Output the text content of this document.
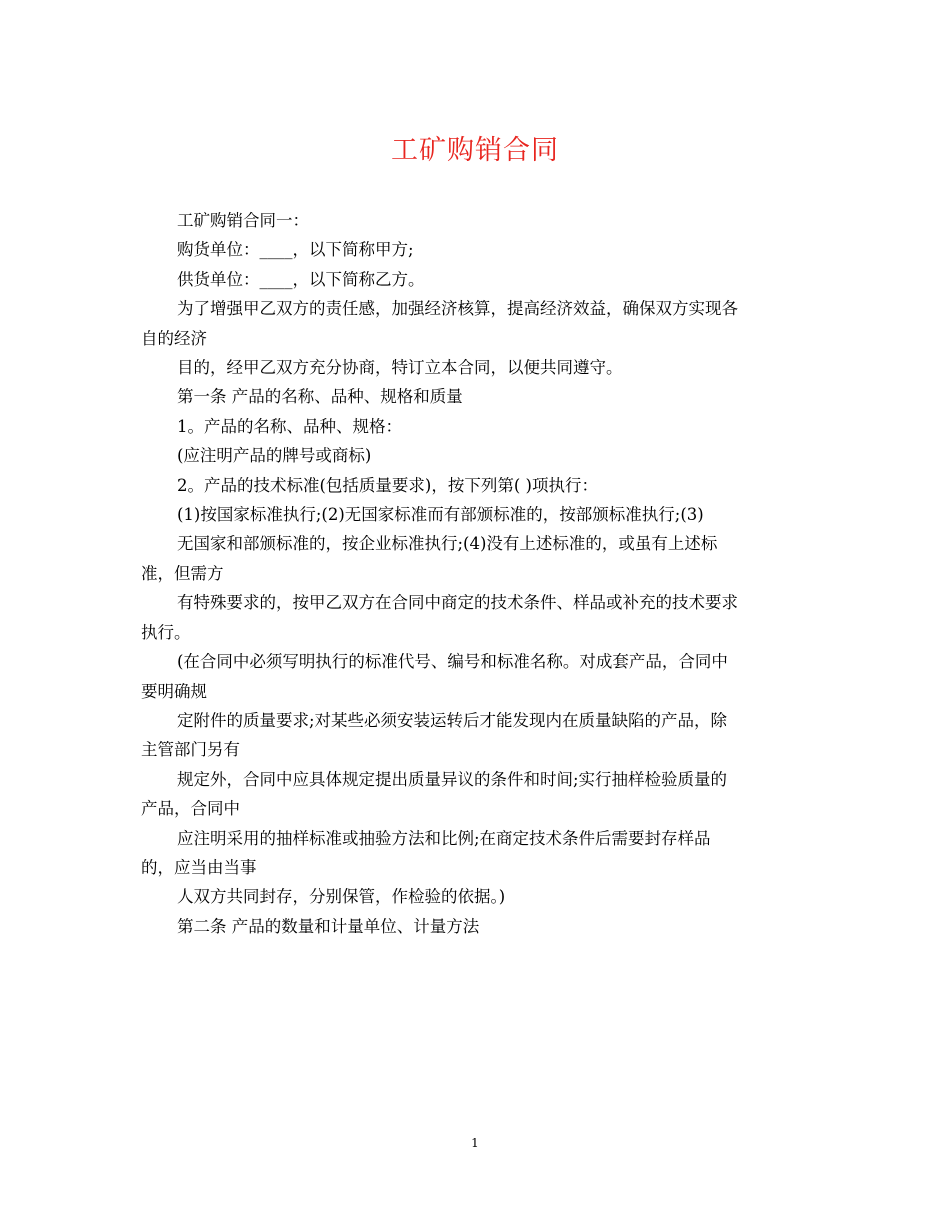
工矿购销合同

工矿购销合同一：

购货单位：____，以下简称甲方;

供货单位：____，以下简称乙方。

为了增强甲乙双方的责任感，加强经济核算，提高经济效益，确保双方实现各

自的经济

目的，经甲乙双方充分协商，特订立本合同，以便共同遵守。

第一条 产品的名称、品种、规格和质量

1。产品的名称、品种、规格：

(应注明产品的牌号或商标)

2。产品的技术标准(包括质量要求)，按下列第( )项执行：

(1)按国家标准执行;(2)无国家标准而有部颁标准的，按部颁标准执行;(3)

无国家和部颁标准的，按企业标准执行;(4)没有上述标准的，或虽有上述标

准，但需方

有特殊要求的，按甲乙双方在合同中商定的技术条件、样品或补充的技术要求

执行。

(在合同中必须写明执行的标准代号、编号和标准名称。对成套产品，合同中

要明确规

定附件的质量要求;对某些必须安装运转后才能发现内在质量缺陷的产品，除

主管部门另有

规定外，合同中应具体规定提出质量异议的条件和时间;实行抽样检验质量的

产品，合同中

应注明采用的抽样标准或抽验方法和比例;在商定技术条件后需要封存样品

的，应当由当事

人双方共同封存，分别保管，作检验的依据。)

第二条 产品的数量和计量单位、计量方法

1
